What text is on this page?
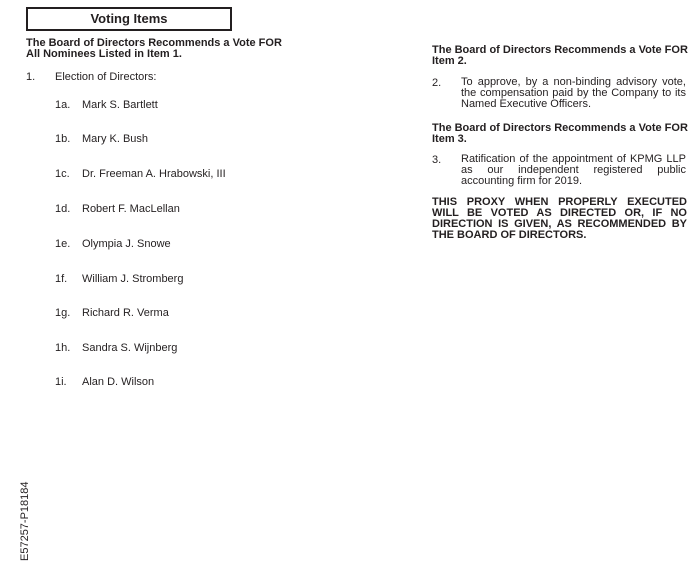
Voting Items
The Board of Directors Recommends a Vote FOR All Nominees Listed in Item 1.
1. Election of Directors:
1a. Mark S. Bartlett
1b. Mary K. Bush
1c. Dr. Freeman A. Hrabowski, III
1d. Robert F. MacLellan
1e. Olympia J. Snowe
1f. William J. Stromberg
1g. Richard R. Verma
1h. Sandra S. Wijnberg
1i. Alan D. Wilson
The Board of Directors Recommends a Vote FOR Item 2.
2. To approve, by a non-binding advisory vote, the compensation paid by the Company to its Named Executive Officers.
The Board of Directors Recommends a Vote FOR Item 3.
3. Ratification of the appointment of KPMG LLP as our independent registered public accounting firm for 2019.
THIS PROXY WHEN PROPERLY EXECUTED WILL BE VOTED AS DIRECTED OR, IF NO DIRECTION IS GIVEN, AS RECOMMENDED BY THE BOARD OF DIRECTORS.
E57257-P18184
